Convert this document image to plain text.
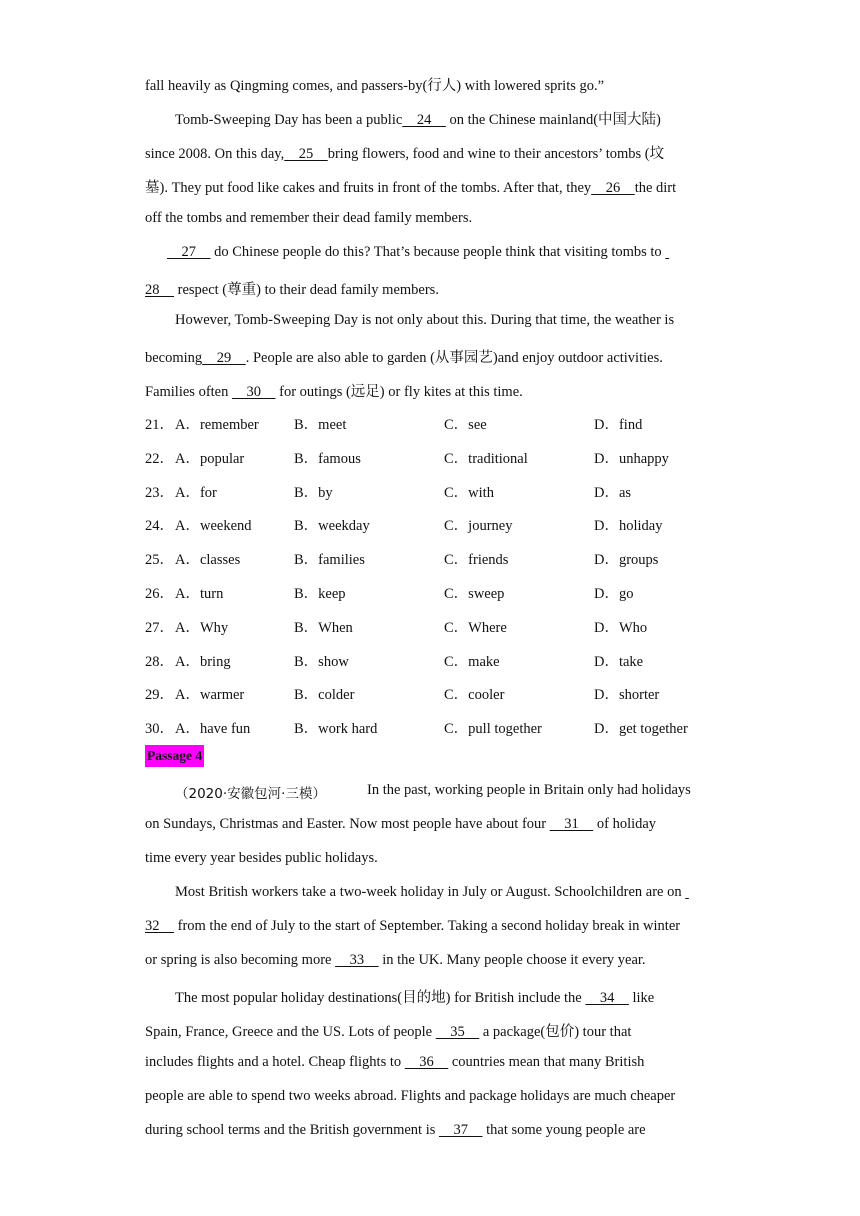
fall heavily as Qingming comes, and passers-by(行人) with lowered sprits go.”
Tomb-Sweeping Day has been a public    24     on the Chinese mainland(中国大陆)
since 2008. On this day,    25    bring flowers, food and wine to their ancestors’ tombs (坟
墓). They put food like cakes and fruits in front of the tombs. After that, they    26    the dirt
off the tombs and remember their dead family members.
27     do Chinese people do this? That’s because people think that visiting tombs to
28     respect (尊重) to their dead family members.
However, Tomb-Sweeping Day is not only about this. During that time, the weather is
becoming    29    . People are also able to garden (从事园艺)and enjoy outdoor activities.
Families often     30     for outings (远足) or fly kites at this time.
21． A．remember B．meet	C．see	D．find
22． A．popular	B．famous	C．traditional	D．unhappy
23． A．for	B．by	C．with	D．as
24． A．weekend	B．weekday	C．journey	D．holiday
25． A．classes	B．families	C．friends	D．groups
26． A．turn	B．keep	C．sweep	D．go
27． A．Why	B．When	C．Where	D．Who
28． A．bring	B．show	C．make	D．take
29． A．warmer	B．colder	C．cooler	D．shorter
30． A．have fun	B．work hard	C．pull together	D．get together
Passage 4
（2020·安徽包河·三模）	In the past, working people in Britain only had holidays
on Sundays, Christmas and Easter. Now most people have about four     31     of holiday
time every year besides public holidays.
Most British workers take a two-week holiday in July or August. Schoolchildren are on
32     from the end of July to the start of September. Taking a second holiday break in winter
or spring is also becoming more     33     in the UK. Many people choose it every year.
The most popular holiday destinations(目的地) for British include the     34     like
Spain, France, Greece and the US. Lots of people     35     a package(包价) tour that
includes flights and a hotel. Cheap flights to     36     countries mean that many British
people are able to spend two weeks abroad. Flights and package holidays are much cheaper
during school terms and the British government is     37     that some young people are
